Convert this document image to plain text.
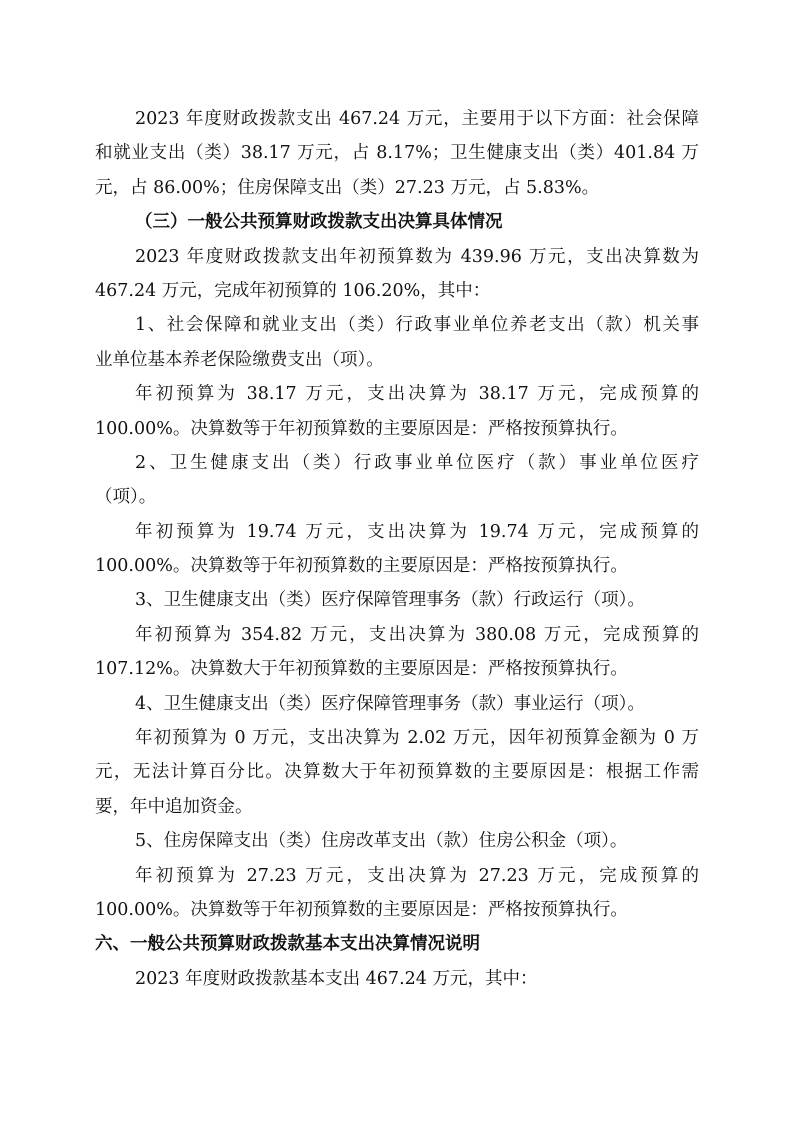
2023 年度财政拨款支出 467.24 万元，主要用于以下方面：社会保障
和就业支出（类）38.17 万元，占 8.17%；卫生健康支出（类）401.84 万
元，占 86.00%；住房保障支出（类）27.23 万元，占 5.83%。
（三）一般公共预算财政拨款支出决算具体情况
2023 年度财政拨款支出年初预算数为 439.96 万元，支出决算数为
467.24 万元，完成年初预算的 106.20%，其中：
1、社会保障和就业支出（类）行政事业单位养老支出（款）机关事
业单位基本养老保险缴费支出（项）。
年初预算为 38.17 万元，支出决算为 38.17 万元，完成预算的
100.00%。决算数等于年初预算数的主要原因是：严格按预算执行。
2、卫生健康支出（类）行政事业单位医疗（款）事业单位医疗
（项）。
年初预算为 19.74 万元，支出决算为 19.74 万元，完成预算的
100.00%。决算数等于年初预算数的主要原因是：严格按预算执行。
3、卫生健康支出（类）医疗保障管理事务（款）行政运行（项）。
年初预算为 354.82 万元，支出决算为 380.08 万元，完成预算的
107.12%。决算数大于年初预算数的主要原因是：严格按预算执行。
4、卫生健康支出（类）医疗保障管理事务（款）事业运行（项）。
年初预算为 0 万元，支出决算为 2.02 万元，因年初预算金额为 0 万
元，无法计算百分比。决算数大于年初预算数的主要原因是：根据工作需
要，年中追加资金。
5、住房保障支出（类）住房改革支出（款）住房公积金（项）。
年初预算为 27.23 万元，支出决算为 27.23 万元，完成预算的
100.00%。决算数等于年初预算数的主要原因是：严格按预算执行。
六、一般公共预算财政拨款基本支出决算情况说明
2023 年度财政拨款基本支出 467.24 万元，其中：
